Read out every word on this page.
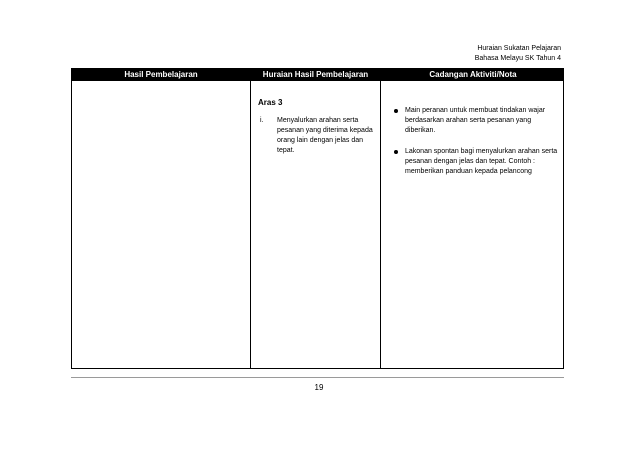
Huraian Sukatan Pelajaran
Bahasa Melayu SK Tahun 4
Hasil Pembelajaran	Huraian Hasil Pembelajaran	Cadangan Aktiviti/Nota
Aras 3
i. Menyalurkan arahan serta pesanan yang diterima kepada orang lain dengan jelas dan tepat.
Main peranan untuk membuat tindakan wajar berdasarkan arahan serta pesanan yang diberikan.
Lakonan spontan bagi menyalurkan arahan serta pesanan dengan jelas dan tepat. Contoh : memberikan panduan kepada pelancong
19
